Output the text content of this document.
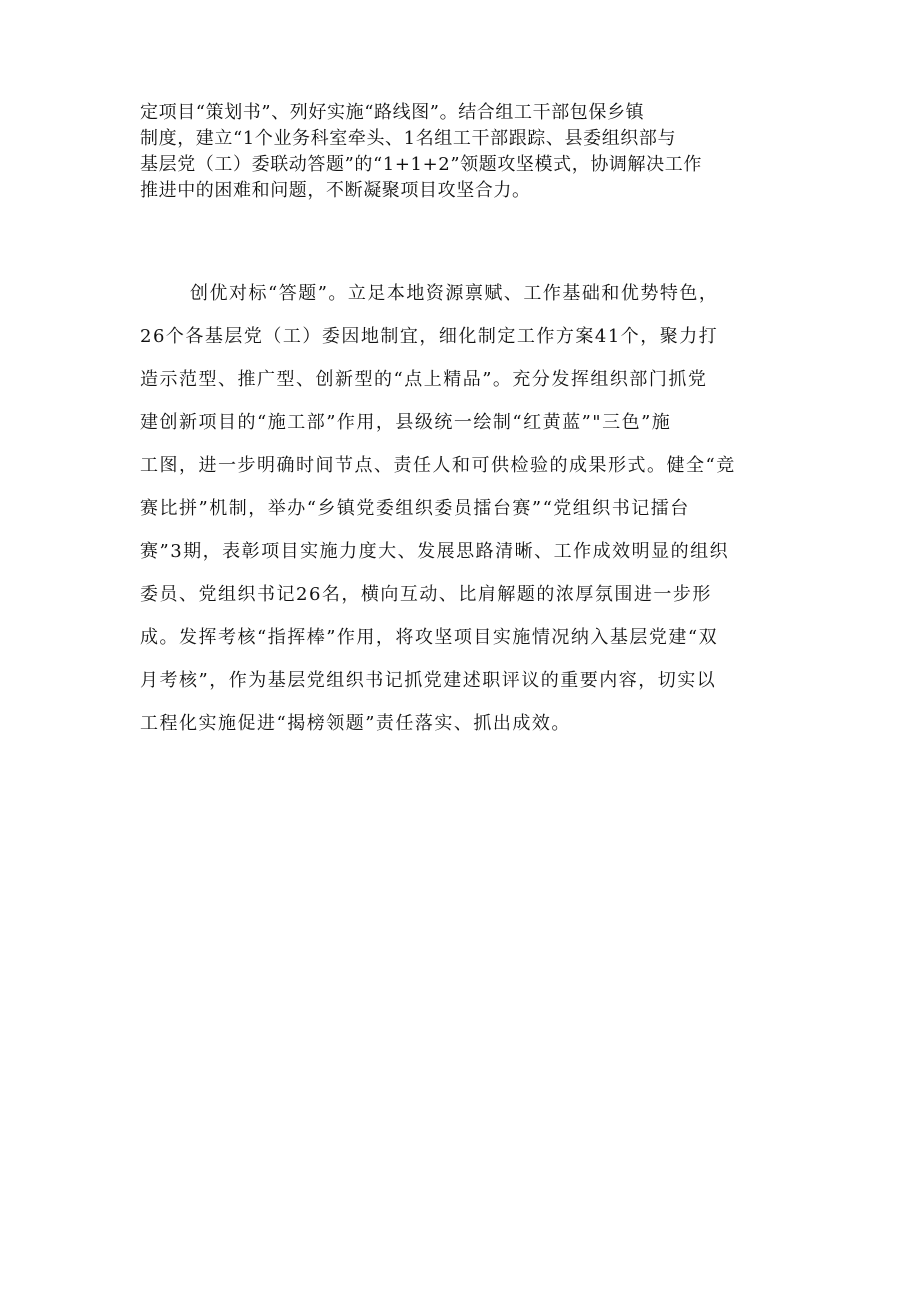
定项目“策划书”、列好实施“路线图”。结合组工干部包保乡镇
制度，建立“1个业务科室牵头、1名组工干部跟踪、县委组织部与
基层党（工）委联动答题”的“1+1+2”领题攻坚模式，协调解决工作
推进中的困难和问题，不断凝聚项目攻坚合力。
创优对标“答题”。立足本地资源禀赋、工作基础和优势特色，
26个各基层党（工）委因地制宜，细化制定工作方案41个，聚力打
造示范型、推广型、创新型的“点上精品”。充分发挥组织部门抓党
建创新项目的“施工部”作用，县级统一绘制“红黄蓝”"三色”施
工图，进一步明确时间节点、责任人和可供检验的成果形式。健全“竞
赛比拼”机制，举办“乡镇党委组织委员擂台赛”“党组织书记擂台
赛”3期，表彰项目实施力度大、发展思路清晰、工作成效明显的组织
委员、党组织书记26名，横向互动、比肩解题的浓厚氛围进一步形
成。发挥考核“指挥棒”作用，将攻坚项目实施情况纳入基层党建“双
月考核”，作为基层党组织书记抓党建述职评议的重要内容，切实以
工程化实施促进“揭榜领题”责任落实、抓出成效。
